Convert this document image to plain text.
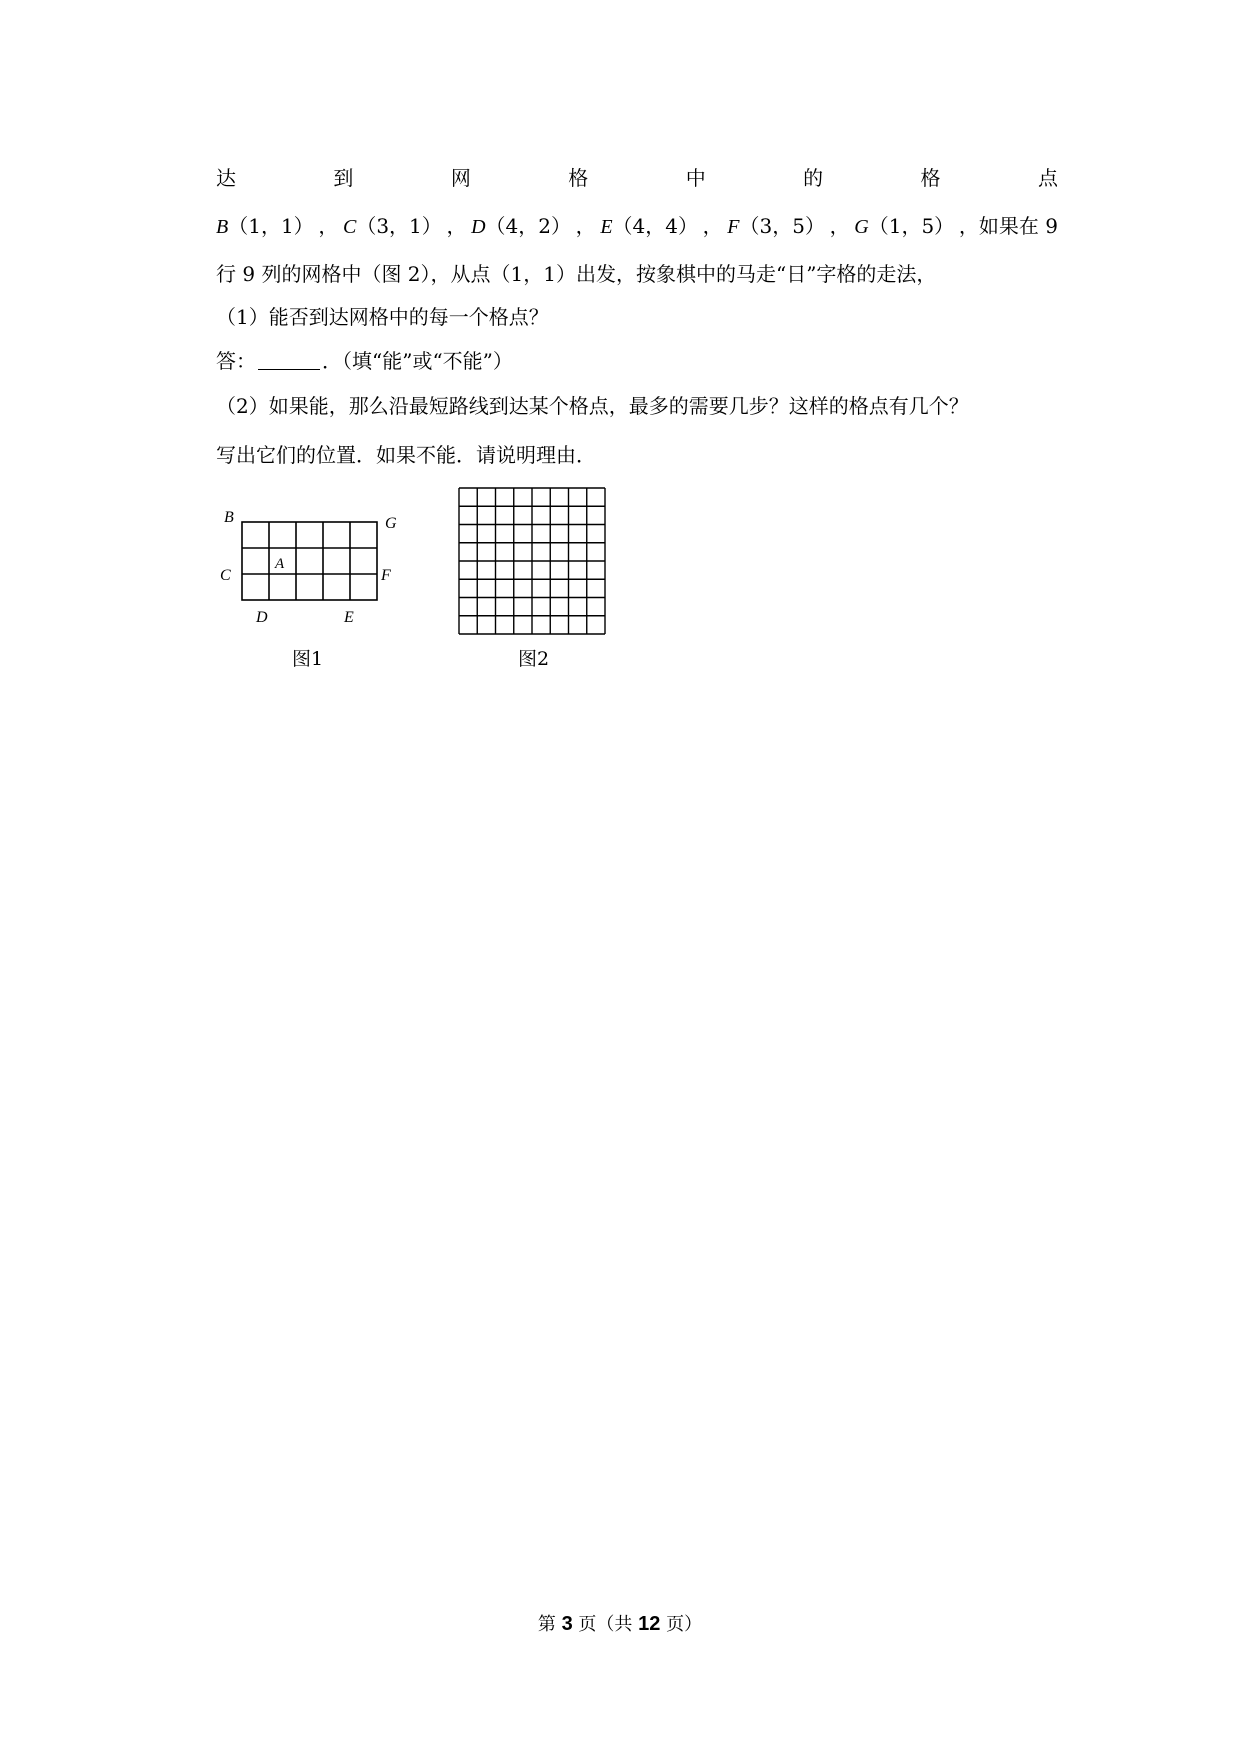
达	到	网	格	中	的	格	点
B（1，1） ， C（3，1） ， D（4，2） ， E（4，4） ， F（3，5） ， G（1，5） ，如果在 9
行 9 列的网格中（图 2），从点（1，1）出发，按象棋中的马走“日”字格的走法，
（1）能否到达网格中的每一个格点？
答：	．（填“能”或“不能”）
（2）如果能，那么沿最短路线到达某个格点，最多的需要几步？这样的格点有几个？
写出它们的位置．如果不能．请说明理由．
B	G
A
C	F
D	E
图1	图2
第 3 页（共 12 页）
